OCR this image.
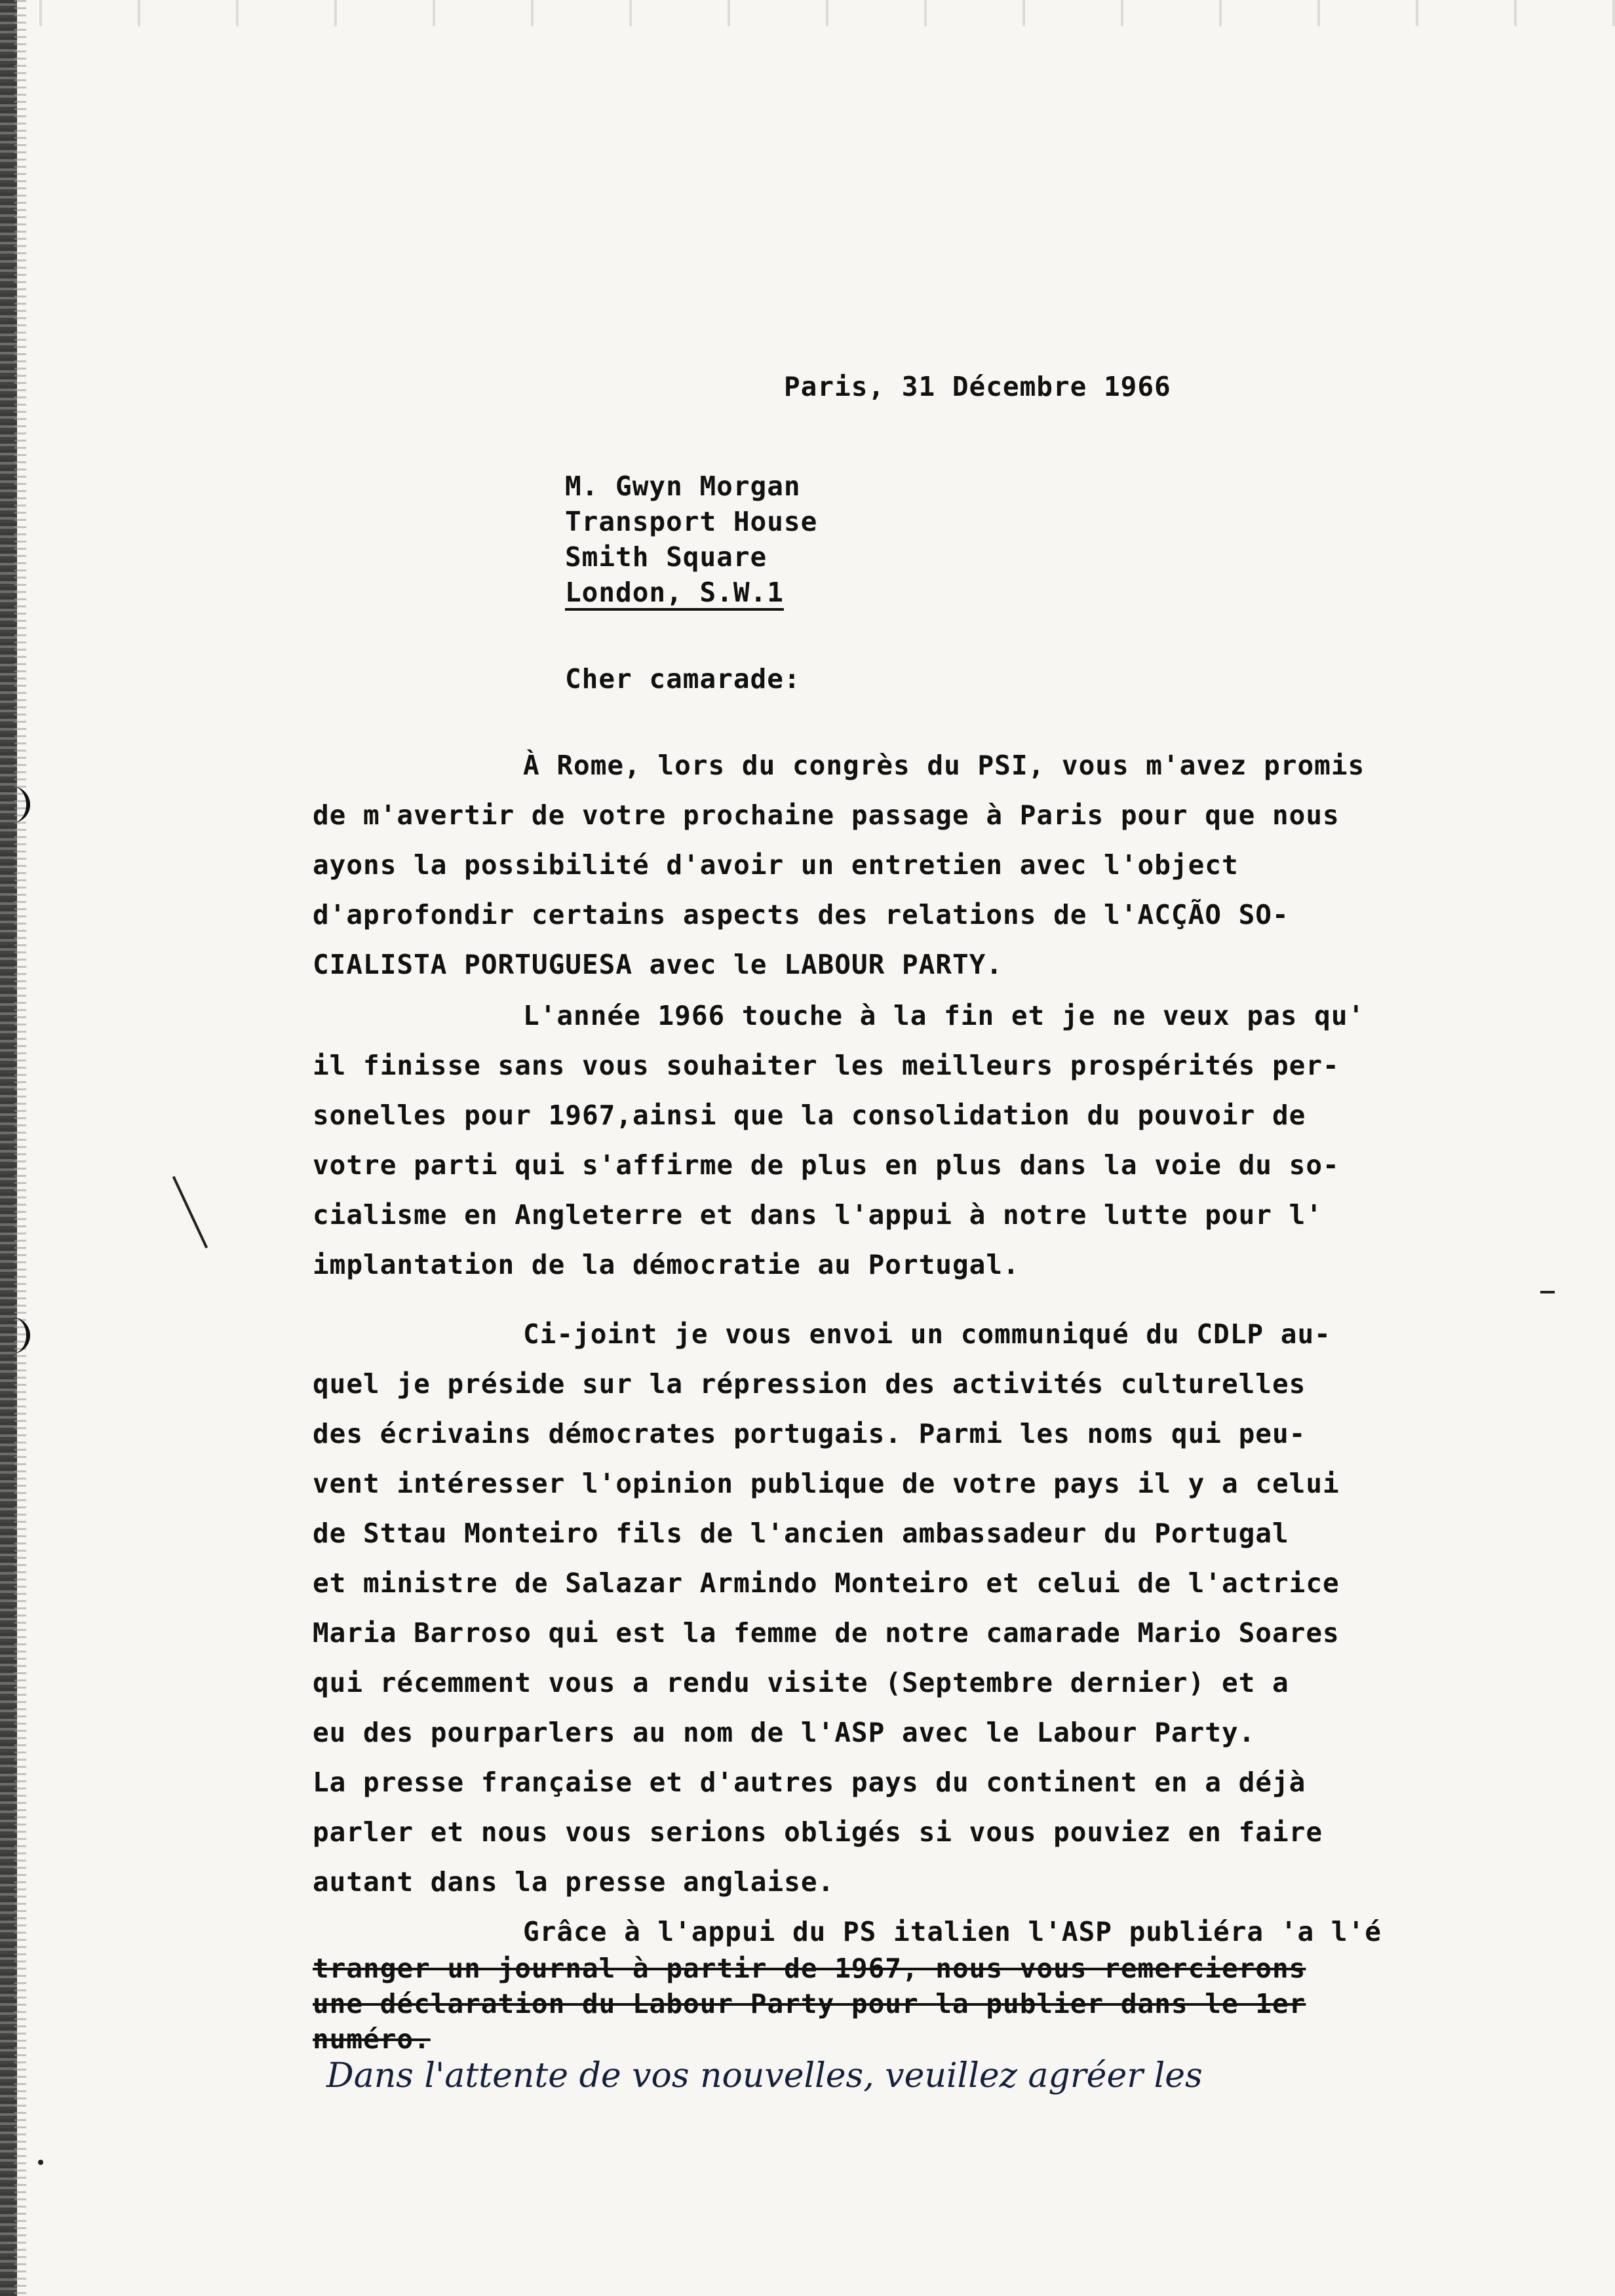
Paris, 31 Décembre 1966
M. Gwyn Morgan
Transport House
Smith Square
London, S.W.1
Cher camarade:
À Rome, lors du congrès du PSI, vous m'avez promis
de m'avertir de votre prochaine passage à Paris pour que nous
ayons la possibilité d'avoir un entretien avec l'object
d'aprofondir certains aspects des relations de l'ACÇÃO SO-
CIALISTA PORTUGUESA avec le LABOUR PARTY.
L'année 1966 touche à la fin et je ne veux pas qu'
il finisse sans vous souhaiter les meilleurs prospérités per-
sonelles pour 1967,ainsi que la consolidation du pouvoir de
votre parti qui s'affirme de plus en plus dans la voie du so-
cialisme en Angleterre et dans l'appui à notre lutte pour l'
implantation de la démocratie au Portugal.
Ci-joint je vous envoi un communiqué du CDLP au-
quel je préside sur la répression des activités culturelles
des écrivains démocrates portugais. Parmi les noms qui peu-
vent intéresser l'opinion publique de votre pays il y a celui
de Sttau Monteiro fils de l'ancien ambassadeur du Portugal
et ministre de Salazar Armindo Monteiro et celui de l'actrice
Maria Barroso qui est la femme de notre camarade Mario Soares
qui récemment vous a rendu visite (Septembre dernier) et a
eu des pourparlers au nom de l'ASP avec le Labour Party.
La presse française et d'autres pays du continent en a déjà
parler et nous vous serions obligés si vous pouviez en faire
autant dans la presse anglaise.
Grâce à l'appui du PS italien l'ASP publiéra 'a l'é
tranger un journal à partir de 1967, nous vous remercierons
une déclaration du Labour Party pour la publier dans le 1er
numéro.
Dans l'attente de vos nouvelles, veuillez agréer les
